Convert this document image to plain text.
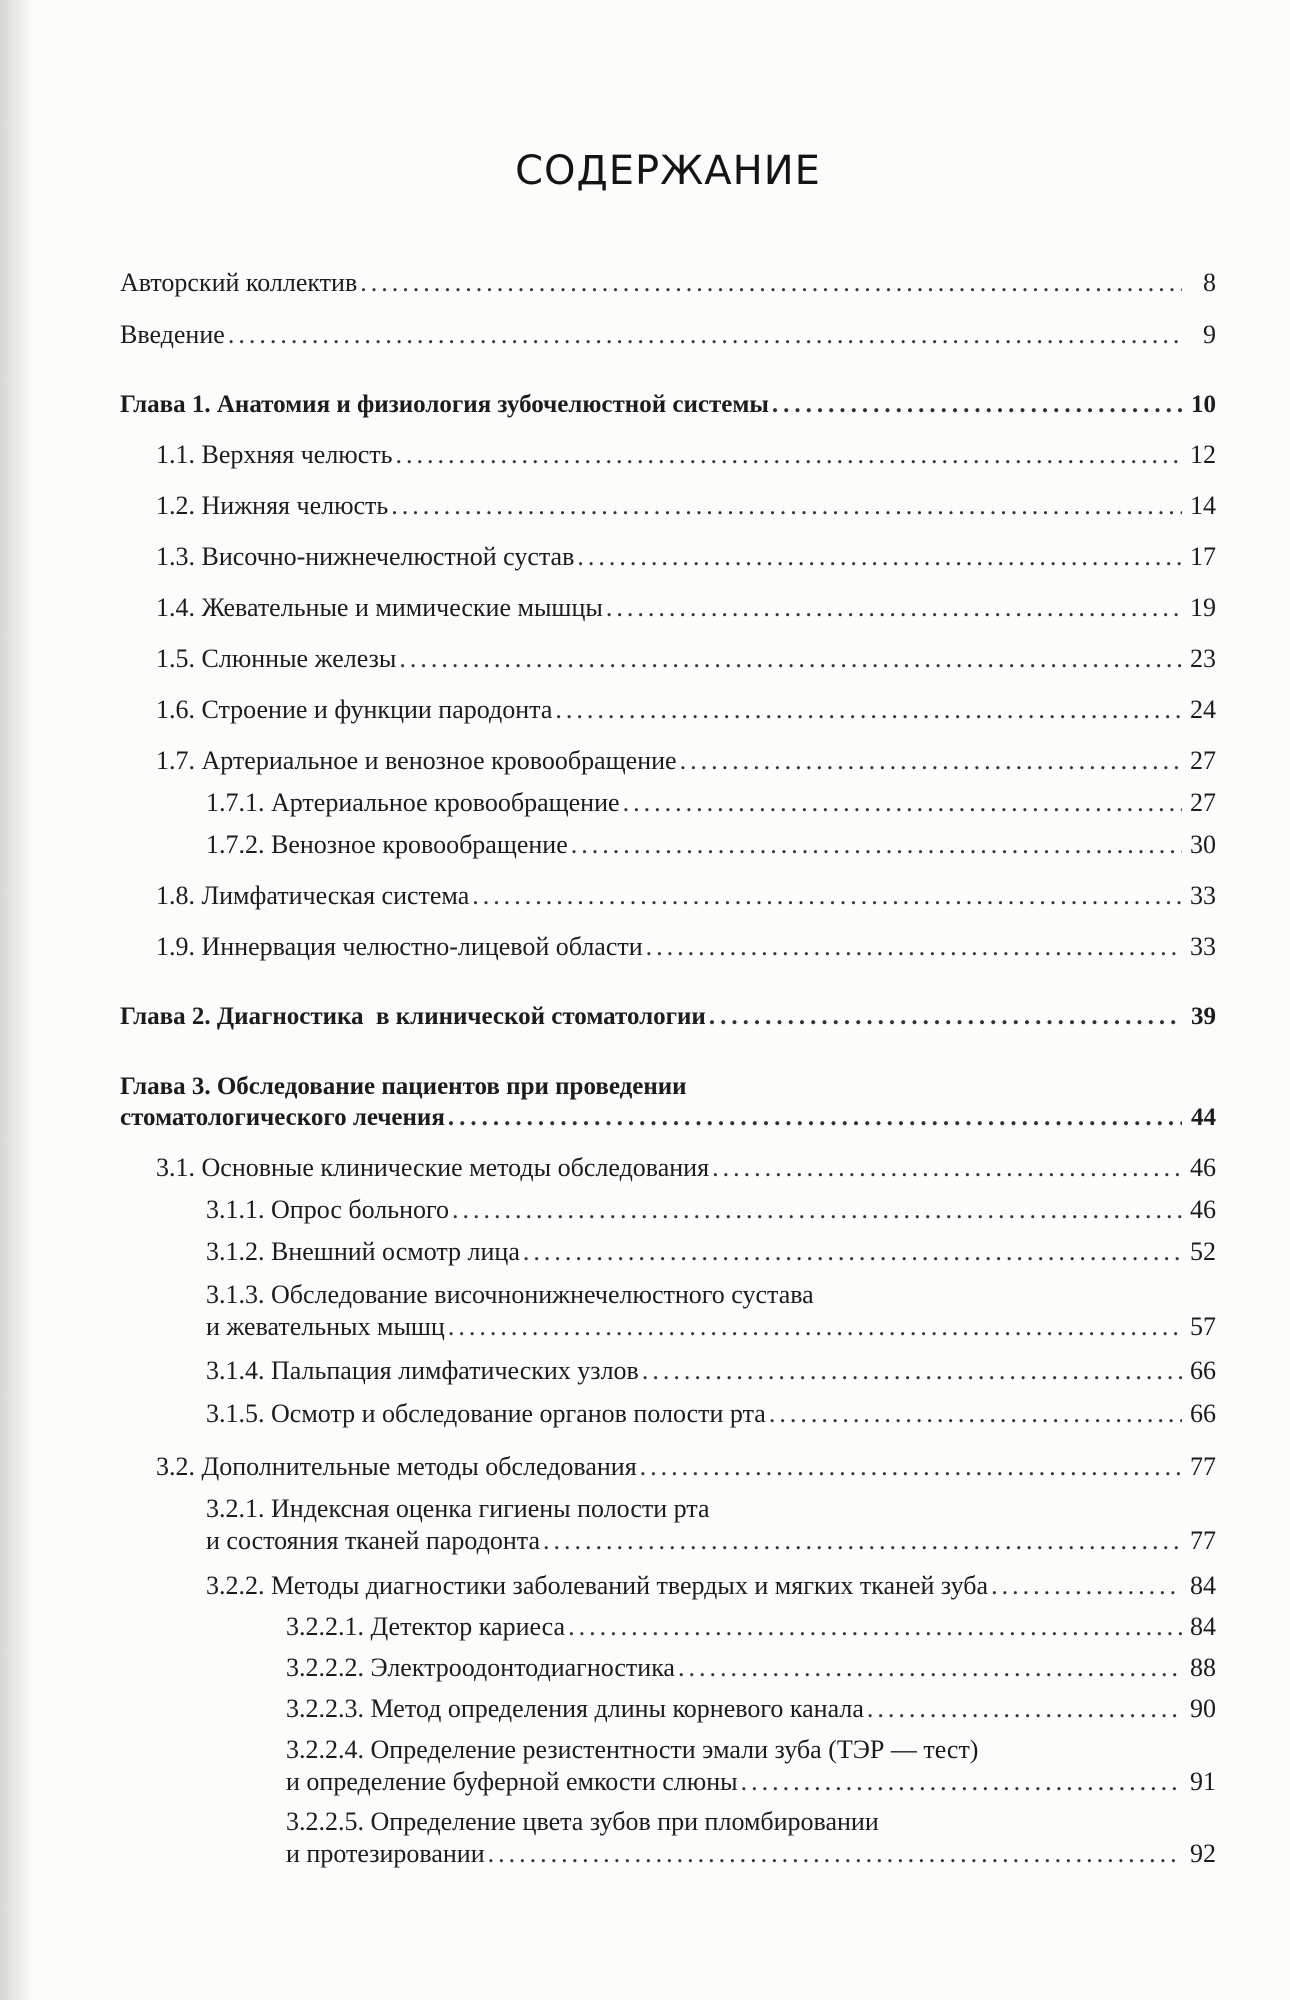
СОДЕРЖАНИЕ
Авторский коллектив .....	8
Введение .....	9
Глава 1. Анатомия и физиология зубочелюстной системы .....	10
1.1. Верхняя челюсть .....	12
1.2. Нижняя челюсть .....	14
1.3. Височно-нижнечелюстной сустав .....	17
1.4. Жевательные и мимические мышцы .....	19
1.5. Слюнные железы .....	23
1.6. Строение и функции пародонта .....	24
1.7. Артериальное и венозное кровообращение .....	27
1.7.1. Артериальное кровообращение .....	27
1.7.2. Венозное кровообращение .....	30
1.8. Лимфатическая система .....	33
1.9. Иннервация челюстно-лицевой области .....	33
Глава 2. Диагностика  в клинической стоматологии .....	39
Глава 3. Обследование пациентов при проведении
стоматологического лечения .....	44
3.1. Основные клинические методы обследования .....	46
3.1.1. Опрос больного .....	46
3.1.2. Внешний осмотр лица .....	52
3.1.3. Обследование височнонижнечелюстного сустава
и жевательных мышц .....	57
3.1.4. Пальпация лимфатических узлов .....	66
3.1.5. Осмотр и обследование органов полости рта .....	66
3.2. Дополнительные методы обследования .....	77
3.2.1. Индексная оценка гигиены полости рта
и состояния тканей пародонта .....	77
3.2.2. Методы диагностики заболеваний твердых и мягких тканей зуба .....	84
3.2.2.1. Детектор кариеса .....	84
3.2.2.2. Электроодонтодиагностика .....	88
3.2.2.3. Метод определения длины корневого канала .....	90
3.2.2.4. Определение резистентности эмали зуба (ТЭР — тест)
и определение буферной емкости слюны .....	91
3.2.2.5. Определение цвета зубов при пломбировании
и протезировании .....	92
